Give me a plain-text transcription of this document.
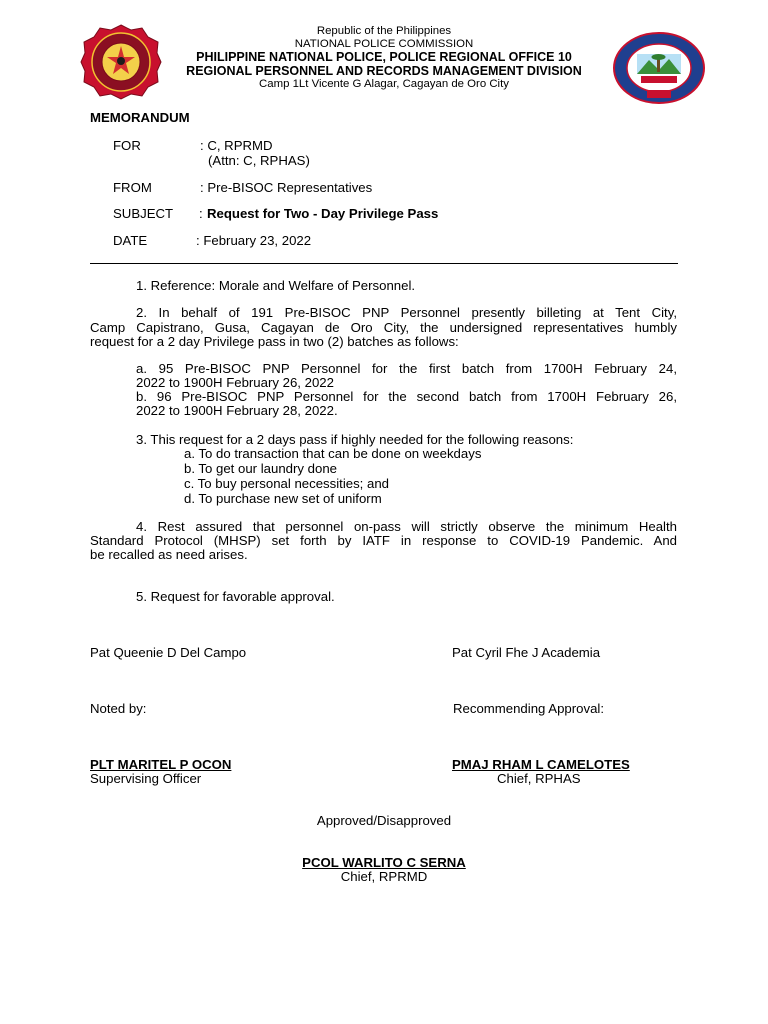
Republic of the Philippines
NATIONAL POLICE COMMISSION
PHILIPPINE NATIONAL POLICE, POLICE REGIONAL OFFICE 10
REGIONAL PERSONNEL AND RECORDS MANAGEMENT DIVISION
Camp 1Lt Vicente G Alagar, Cagayan de Oro City
MEMORANDUM
FOR	: C, RPRMD
(Attn: C, RPHAS)
FROM	: Pre-BISOC Representatives
SUBJECT : Request for Two - Day Privilege Pass
DATE	: February 23, 2022
1. Reference: Morale and Welfare of Personnel.
2. In behalf of 191 Pre-BISOC PNP Personnel presently billeting at Tent City,
Camp Capistrano, Gusa, Cagayan de Oro City, the undersigned representatives humbly
request for a 2 day Privilege pass in two (2) batches as follows:
a. 95 Pre-BISOC PNP Personnel for the first batch from 1700H February 24,
2022 to 1900H February 26, 2022
b. 96 Pre-BISOC PNP Personnel for the second batch from 1700H February 26,
2022 to 1900H February 28, 2022.
3. This request for a 2 days pass if highly needed for the following reasons:
a. To do transaction that can be done on weekdays
b. To get our laundry done
c. To buy personal necessities; and
d. To purchase new set of uniform
4. Rest assured that personnel on-pass will strictly observe the minimum Health
Standard Protocol (MHSP) set forth by IATF in response to COVID-19 Pandemic. And
be recalled as need arises.
5. Request for favorable approval.
Pat Queenie D Del Campo	Pat Cyril Fhe J Academia
Noted by:	Recommending Approval:
PLT MARITEL P OCON
Supervising Officer
PMAJ RHAM L CAMELOTES
Chief, RPHAS
Approved/Disapproved
PCOL WARLITO C SERNA
Chief, RPRMD
